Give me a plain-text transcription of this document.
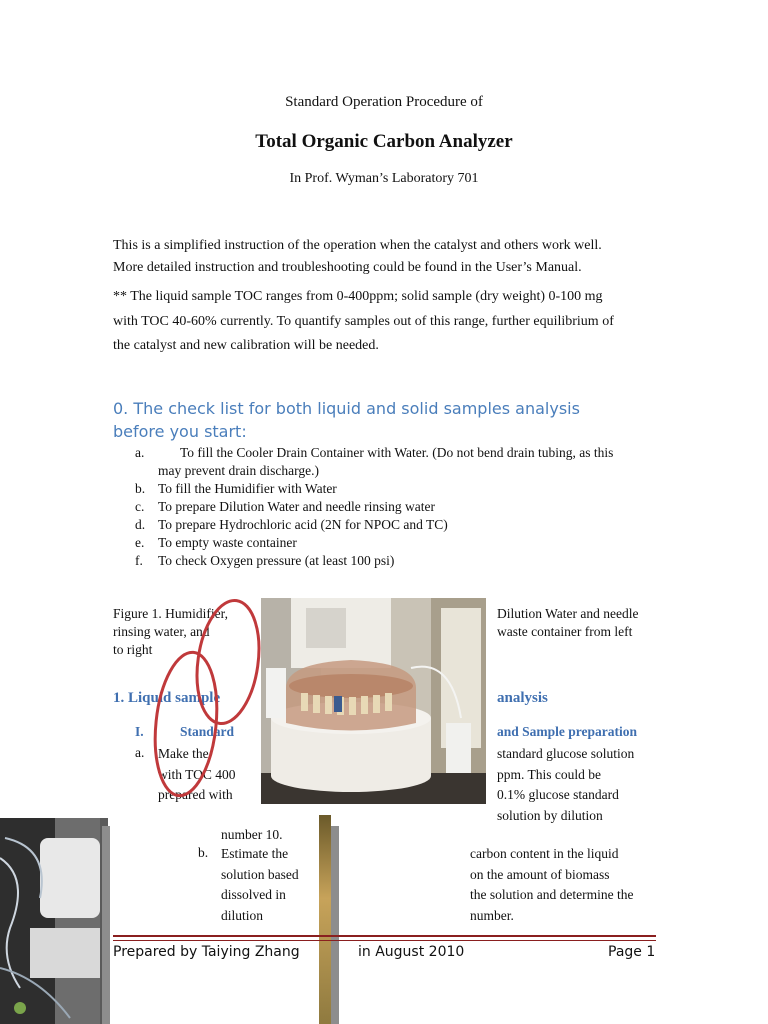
Standard Operation Procedure of
Total Organic Carbon Analyzer
In Prof. Wyman’s Laboratory 701
This is a simplified instruction of the operation when the catalyst and others work well.
More detailed instruction and troubleshooting could be found in the User’s Manual.
** The liquid sample TOC ranges from 0-400ppm; solid sample (dry weight) 0-100 mg
with TOC 40-60% currently. To quantify samples out of this range, further equilibrium of
the catalyst and new calibration will be needed.
0. The check list for both liquid and solid samples analysis
before you start:
a.	To fill the Cooler Drain Container with Water. (Do not bend drain tubing, as this
may prevent drain discharge.)
b. To fill the Humidifier with Water
c.	To prepare Dilution Water and needle rinsing water
d. To prepare Hydrochloric acid (2N for NPOC and TC)
e.	To empty waste container
f.	To check Oxygen pressure (at least 100 psi)
Figure 1. Humidifier,
rinsing water, and
to right
Dilution Water and needle
waste container from left
1. Liquid sample	analysis
I.	Standard	and Sample preparation
a. Make the
with TOC 400
prepared with
standard glucose solution
ppm. This could be
0.1% glucose standard
solution by dilution
number 10.
b. Estimate the
solution based
dissolved in
dilution
carbon content in the liquid
on the amount of biomass
the solution and determine the
number.
Prepared by Taiying Zhang	in August 2010	Page 1
